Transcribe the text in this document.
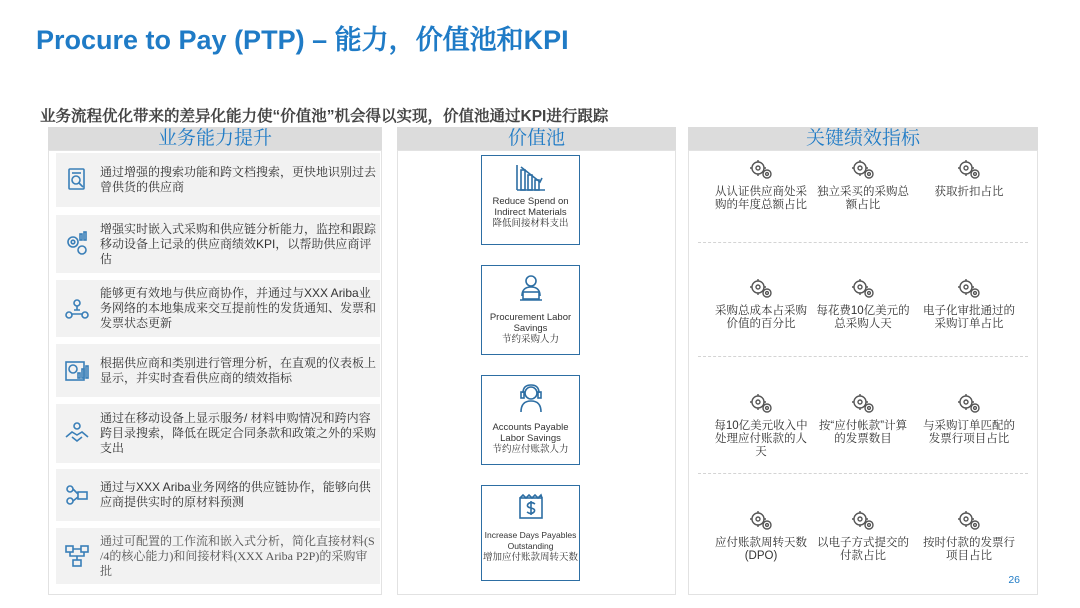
Procure to Pay (PTP) – 能力，价值池和KPI
业务流程优化带来的差异化能力使“价值池”机会得以实现，价值池通过KPI进行跟踪
业务能力提升	价值池	关键绩效指标
通过增强的搜索功能和跨文档搜索，更快地识别过去曾供货的供应商
增强实时嵌入式采购和供应链分析能力，监控和跟踪移动设备上记录的供应商绩效KPI，以帮助供应商评估
能够更有效地与供应商协作，并通过与XXX Ariba业务网络的本地集成来交互提前性的发货通知、发票和发票状态更新
根据供应商和类别进行管理分析，在直观的仪表板上显示，并实时查看供应商的绩效指标
通过在移动设备上显示服务/ 材料申购情况和跨内容跨目录搜索，降低在既定合同条款和政策之外的采购支出
通过与XXX Ariba业务网络的供应链协作，能够向供应商提供实时的原材料预测
通过可配置的工作流和嵌入式分析，简化直接材料(S /4的核心能力)和间接材料(XXX Ariba P2P)的采购审批
Reduce Spend on Indirect Materials
降低间接材料支出
Procurement Labor Savings
节约采购人力
Accounts Payable Labor Savings
节约应付账款人力
Increase Days Payables Outstanding
增加应付账款周转天数
从认证供应商处采购的年度总额占比
独立采买的采购总额占比
获取折扣占比
采购总成本占采购价值的百分比
每花费10亿美元的总采购人天
电子化审批通过的采购订单占比
每10亿美元收入中处理应付账款的人天
按“应付帐款”计算的发票数目
与采购订单匹配的发票行项目占比
应付账款周转天数(DPO)
以电子方式提交的付款占比
按时付款的发票行项目占比
26
